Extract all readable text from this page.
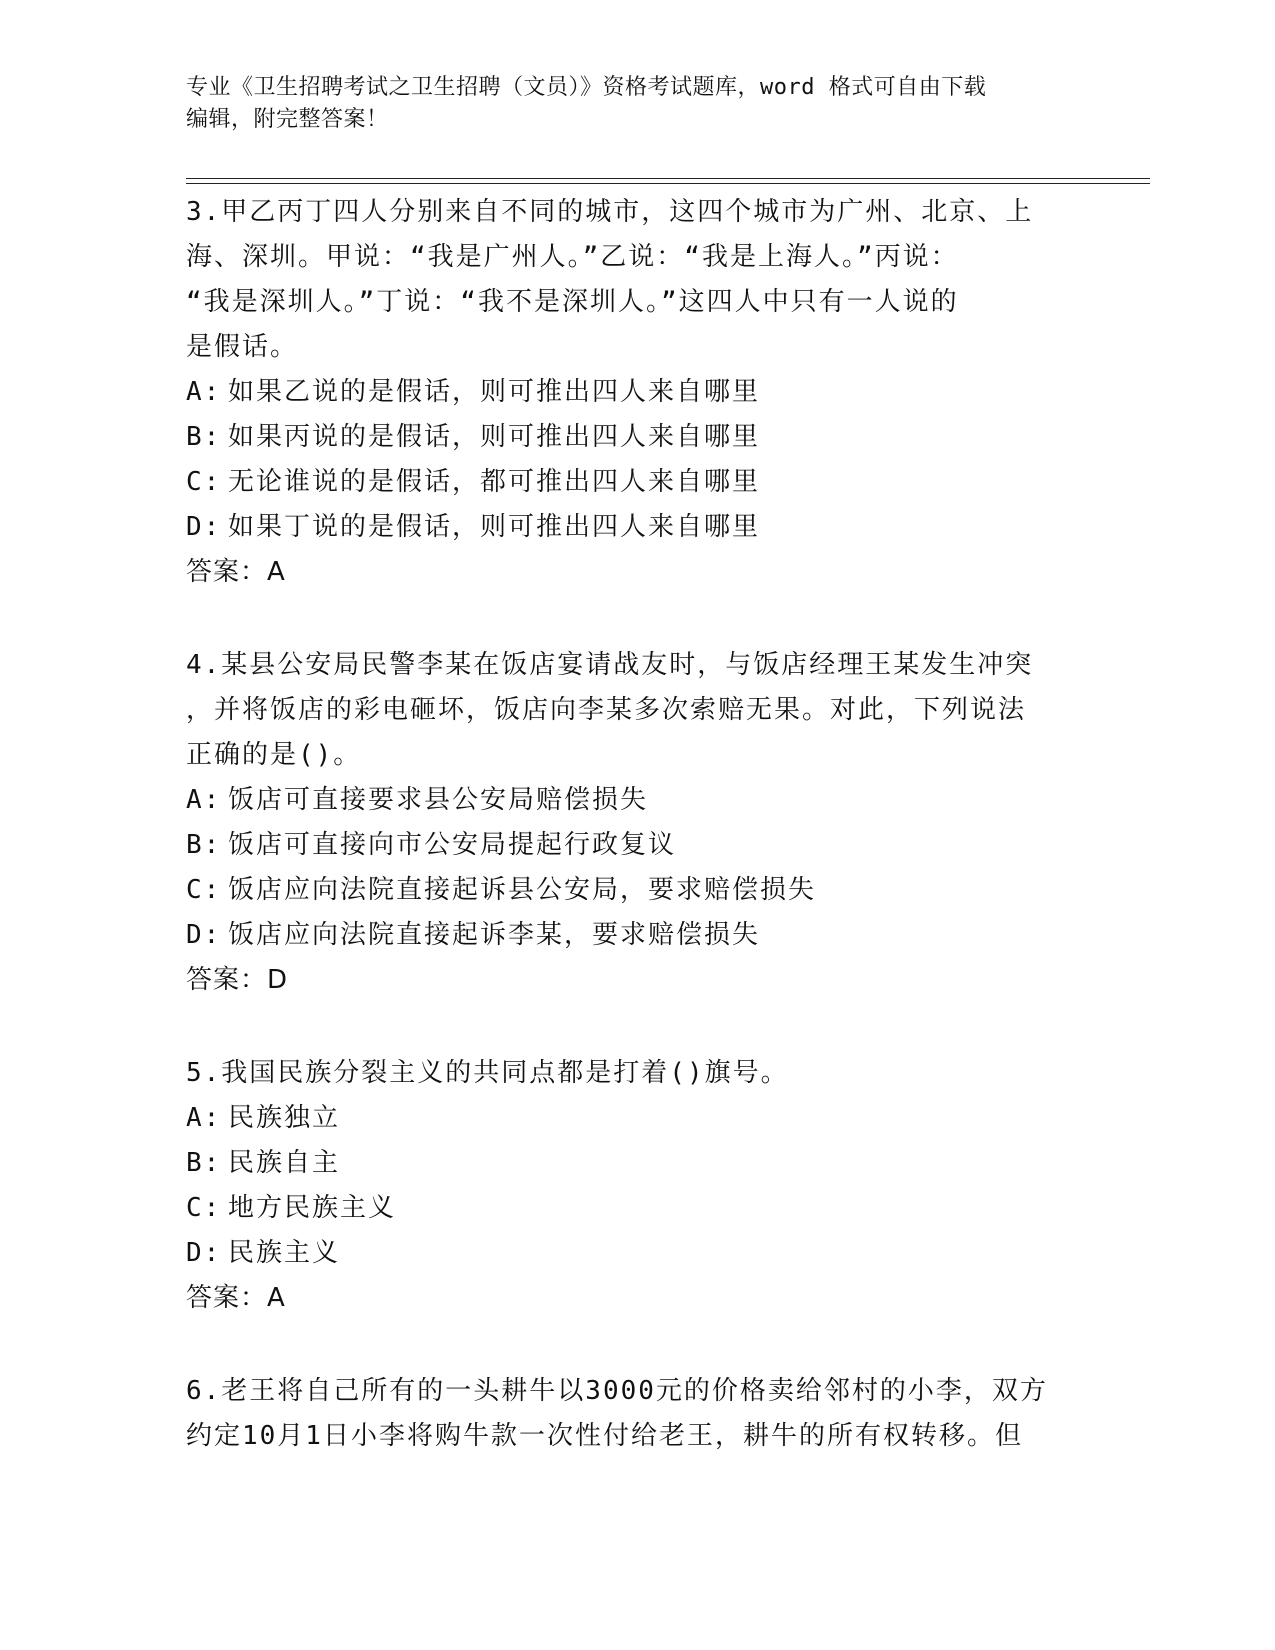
专业《卫生招聘考试之卫生招聘（文员）》资格考试题库，word 格式可自由下载
编辑，附完整答案！
3.甲乙丙丁四人分别来自不同的城市，这四个城市为广州、北京、上
海、深圳。甲说：“我是广州人。”乙说：“我是上海人。”丙说：
“我是深圳人。”丁说：“我不是深圳人。”这四人中只有一人说的
是假话。
A: 如果乙说的是假话，则可推出四人来自哪里
B: 如果丙说的是假话，则可推出四人来自哪里
C: 无论谁说的是假话，都可推出四人来自哪里
D: 如果丁说的是假话，则可推出四人来自哪里
答案：A
4.某县公安局民警李某在饭店宴请战友时，与饭店经理王某发生冲突
，并将饭店的彩电砸坏，饭店向李某多次索赔无果。对此，下列说法
正确的是()。
A: 饭店可直接要求县公安局赔偿损失
B: 饭店可直接向市公安局提起行政复议
C: 饭店应向法院直接起诉县公安局，要求赔偿损失
D: 饭店应向法院直接起诉李某，要求赔偿损失
答案：D
5.我国民族分裂主义的共同点都是打着()旗号。
A: 民族独立
B: 民族自主
C: 地方民族主义
D: 民族主义
答案：A
6.老王将自己所有的一头耕牛以3000元的价格卖给邻村的小李，双方
约定10月1日小李将购牛款一次性付给老王，耕牛的所有权转移。但
